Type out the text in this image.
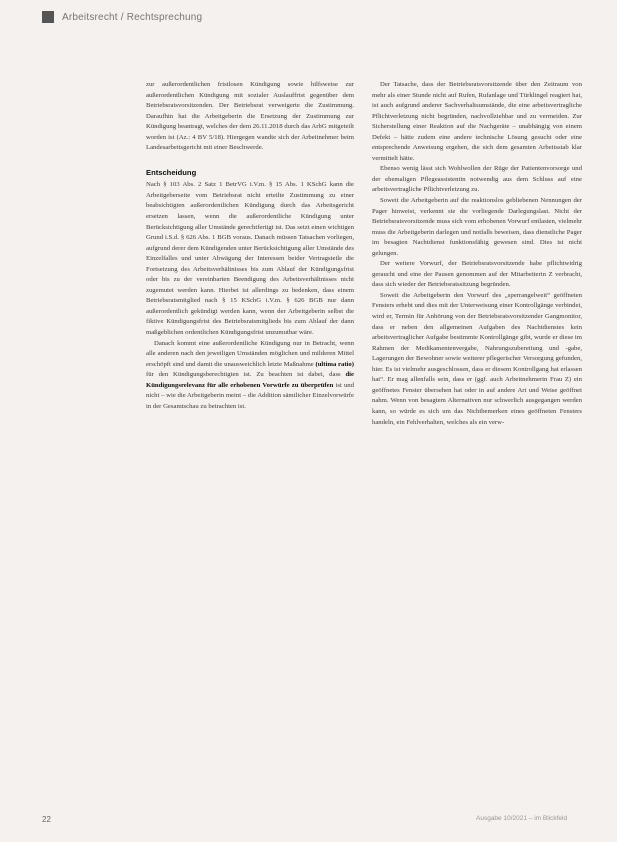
Arbeitsrecht / Rechtsprechung

zur außerordentlichen fristlosen Kündigung sowie hilfsweise zur außerordentlichen Kündigung mit sozialer Auslauffrist gegenüber dem Betriebsratsvorsitzenden. Der Betriebsrat verweigerte die Zustimmung. Daraufhin hat die Arbeitgeberin die Ersetzung der Zustimmung zur Kündigung beantragt, welches der dem 26.11.2018 durch das ArbG mitgeteilt worden ist (Az.: 4 BV 5/18). Hiergegen wandte sich der Arbeitnehmer beim Landesarbeitsgericht mit einer Beschwerde.

Entscheidung

Nach § 103 Abs. 2 Satz 1 BetrVG i.V.m. § 15 Abs. 1 KSchG kann die Arbeitgeberseite vom Betriebsrat nicht erteilte Zustimmung zu einer beabsichtigten außerordentlichen Kündigung durch das Arbeitsgericht ersetzen lassen, wenn die außerordentliche Kündigung unter Berücksichtigung aller Umstände gerechtfertigt ist. Das setzt einen wichtigen Grund i.S.d. § 626 Abs. 1 BGB voraus. Danach müssen Tatsachen vorliegen, aufgrund derer dem Kündigenden unter Berücksichtigung aller Umstände des Einzelfalles und unter Abwägung der Interessen beider Vertragsteile die Fortsetzung des Arbeitsverhältnisses bis zum Ablauf der Kündigungsfrist oder bis zu der vereinbarten Beendigung des Arbeitsverhältnisses nicht zugemutet werden kann. Hierbei ist allerdings zu bedenken, dass einem Betriebsratsmitglied nach § 15 KSchG i.V.m. § 626 BGB nur dann außerordentlich gekündigt werden kann, wenn der Arbeitgeberin selbst die fiktive Kündigungsfrist des Betriebsratsmitglieds bis zum Ablauf der dann maßgeblichen ordentlichen Kündigungsfrist unzumutbar wäre.

Danach kommt eine außerordentliche Kündigung nur in Betracht, wenn alle anderen nach den jeweiligen Umständen möglichen und milderen Mittel erschöpft sind und damit die unausweichlich letzte Maßnahme (ultima ratio) für den Kündigungsberechtigten ist. Zu beachten ist dabei, dass die Kündigungsrelevanz für alle erhobenen Vorwürfe zu überprüfen ist und nicht – wie die Arbeitgeberin meint – die Addition sämtlicher Einzelvorwürfe in der Gesamtschau zu betrachten ist.

Der Tatsache, dass der Betriebsratsvorsitzende über den Zeitraum von mehr als einer Stunde nicht auf Rufen, Rufanlage und Türklingel reagiert hat, ist auch aufgrund anderer Sachverhaltsumstände, die eine arbeitsvertragliche Pflichtverletzung nicht begründen, nachvollziehbar und zu vermeiden. Zur Sicherstellung einer Reaktion auf die Nachgeräte – unabhängig von einem Defekt – hätte zudem eine andere technische Lösung gesucht oder eine entsprechende Anweisung ergehen, die sich dem gesamten Arbeitsstab klar vermittelt hätte.

Ebenso wenig lässt sich Wohlwollen der Rüge der Patientenvorsorge und der ehemaligen Pflegeassistentin notwendig aus dem Schluss auf eine arbeitsvertragliche Pflichtverletzung zu.

Soweit die Arbeitgeberin auf die reaktionslos gebliebenen Nennungen der Pager hinweist, verkennt sie die vorliegende Darlegungslast. Nicht der Betriebsratsvorsitzende muss sich vom erhobenen Vorwurf entlasten, vielmehr muss die Arbeitgeberin darlegen und notfalls beweisen, dass dienstliche Pager im besagten Nachtdienst funktionsfähig gewesen sind. Dies ist nicht gelungen.

Der weitere Vorwurf, der Betriebsratsvorsitzende habe pflichtwidrig geraucht und eine der Pausen genommen auf der Mitarbeiterin Z verbracht, dass sich wieder der Betriebsratssitzung begründen.

Soweit die Arbeitgeberin den Vorwurf des „sperrangelweit“ geöffneten Fensters erhebt und dies mit der Unterweisung einer Kontrollgänge verbindet, wird er, Termin für Anhörung von der Betriebsratsvorsitzender Gangmonitor, dass er neben den allgemeinen Aufgaben des Nachtdienstes kein arbeitsvertraglicher Aufgabe bestimmte Kontrollgänge gibt, wurde er diese im Rahmen der Medikamentenvergabe, Nahrungszubereitung und -gabe, Lagerungen der Bewohner sowie weiterer pflegerischer Versorgung gefunden, hier. Es ist vielmehr ausgeschlossen, dass er diesem Kontrollgang hat erlassen hat“. Er mag allenfalls sein, dass er (ggf. auch Arbeitnehmerin Frau Z) ein geöffnetes Fenster übersehen hat oder in auf andere Art und Weise geöffnet nahm. Wenn von besagtem Alternativen nur schwerlich ausgegangen werden kann, so würde es sich um das Nichtbemerken eines geöffneten Fensters handeln, ein Fehlverhalten, welches als ein verw-

22	Ausgabe 10/2021 – im Blickfeld
